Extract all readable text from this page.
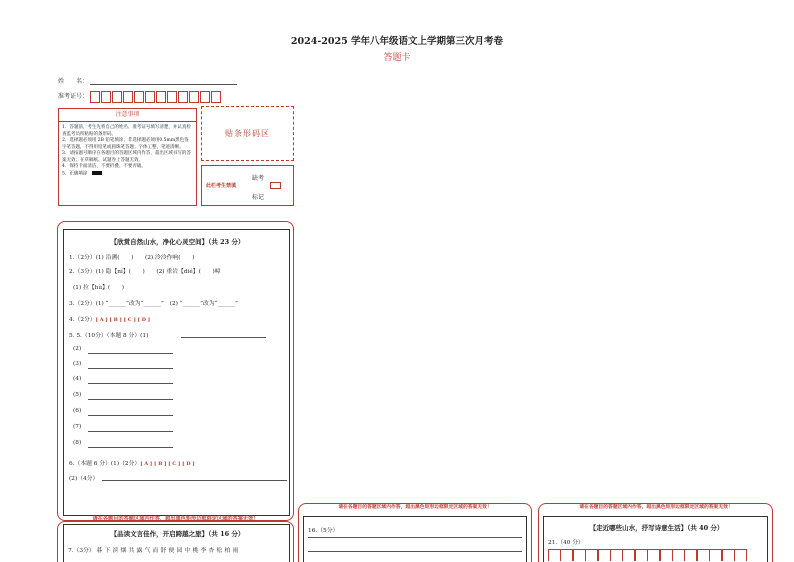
2024-2025 学年八年级语文上学期第三次月考卷
答题卡
姓　　名：
准考证号：
注意事项
1．答题前，考生先将自己的姓名、准考证号填写清楚，并认真检查监考员所粘贴的条形码。
2．选择题必须用 2B 铅笔填涂；非选择题必须用0.5mm黑色签字笔答题，不得用铅笔或圆珠笔答题；字体工整、笔迹清晰。
3．请按题号顺序在各题目的答题区域内作答，超出区域书写的答案无效；在草稿纸、试题卷上答题无效。
4．保持卡面清洁，不要折叠、不要弄破。
5．正确填涂
贴条形码区
缺考
此栏考生禁填
标记
【欣赏自然山水，净化心灵空间】（共 23 分）
1.（2分）(1) 沿溯(　　)　　(2) 泠泠作响(　　)
2.（3分）(1) 隐【ní】(　　)　　(2) 重岩【dié】(　　)嶂
(1) 拉【hù】(　　)
3.（2分）(1) “______”改为“______”　(2) “______”改为“______”
4.（2分）[ A ] [ B ] [ C ] [ D ]
5. 5.（10分）（本题 8 分）(1)
(2)
(3)
(4)
(5)
(6)
(7)
(8)
6.（本题 6 分）(1)（2分）[ A ] [ B ] [ C ] [ D ]
(2)（4分）
请在各题目的答题区域内作答，超出黑色矩形边框限定区域的答案无效！
【品读文言佳作，开启跨越之旅】（共 16 分）
7.（3分） 暮 下 滨 烟 共 露 气 而 舒 便 园 中 桃 李 杏 松 柏 雨
请在各题目的答题区域内作答，超出黑色矩形边框限定区域的答案无效！
16.（5分）
请在各题目的答题区域内作答，超出黑色矩形边框限定区域的答案无效！
【走近哪些山水，抒写诗意生活】（共 40 分）
21.（40 分）
